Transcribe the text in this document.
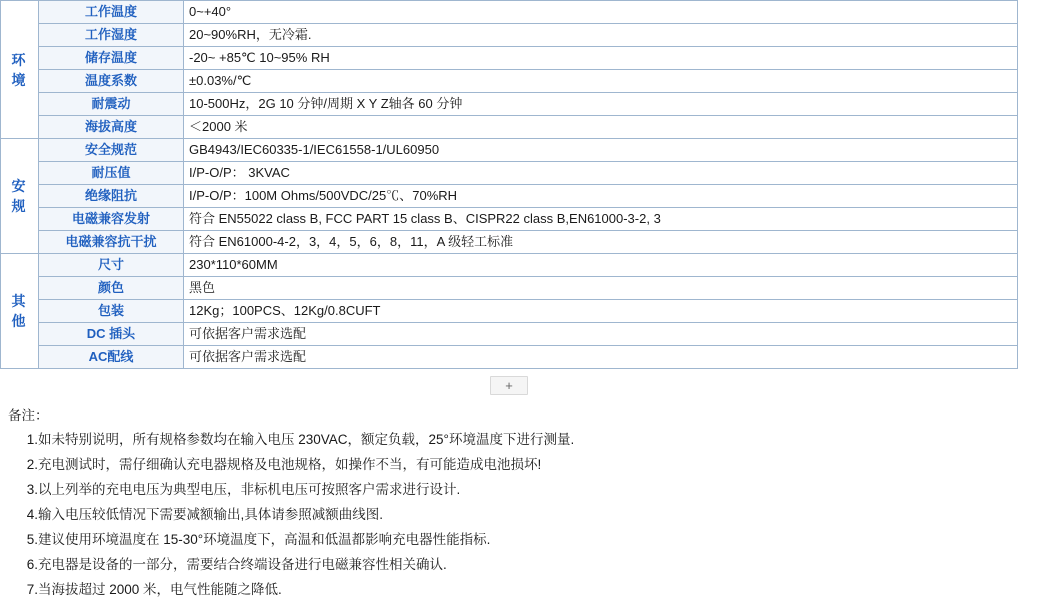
环
境	工作温度	0~+40°
	工作湿度	20~90%RH，无冷霜.
	储存温度	-20~ +85℃ 10~95% RH
	温度系数	±0.03%/℃
	耐震动	10-500Hz，2G 10 分钟/周期 X Y Z轴各 60 分钟
	海拔高度	＜2000 米

安
规	安全规范	GB4943/IEC60335-1/IEC61558-1/UL60950
	耐压值	I/P-O/P： 3KVAC
	绝缘阻抗	I/P-O/P：100M Ohms/500VDC/25℃、70%RH
	电磁兼容发射	符合 EN55022 class B, FCC PART 15 class B、CISPR22 class B,EN61000-3-2, 3
	电磁兼容抗干扰	符合 EN61000-4-2，3，4，5，6，8，11，A 级轻工标准

其
他	尺寸	230*110*60MM
	颜色	黑色
	包装	12Kg；100PCS、12Kg/0.8CUFT
	DC 插头	可依据客户需求选配
	AC配线	可依据客户需求选配
+
备注：
1. 如未特别说明，所有规格参数均在输入电压 230VAC，额定负载，25°环境温度下进行测量.
2. 充电测试时，需仔细确认充电器规格及电池规格，如操作不当，有可能造成电池损坏!
3. 以上列举的充电电压为典型电压，非标机电压可按照客户需求进行设计.
4. 输入电压较低情况下需要减额输出,具体请参照减额曲线图.
5. 建议使用环境温度在 15-30°环境温度下，高温和低温都影响充电器性能指标.
6. 充电器是设备的一部分，需要结合终端设备进行电磁兼容性相关确认.
7. 当海拔超过 2000 米，电气性能随之降低.
